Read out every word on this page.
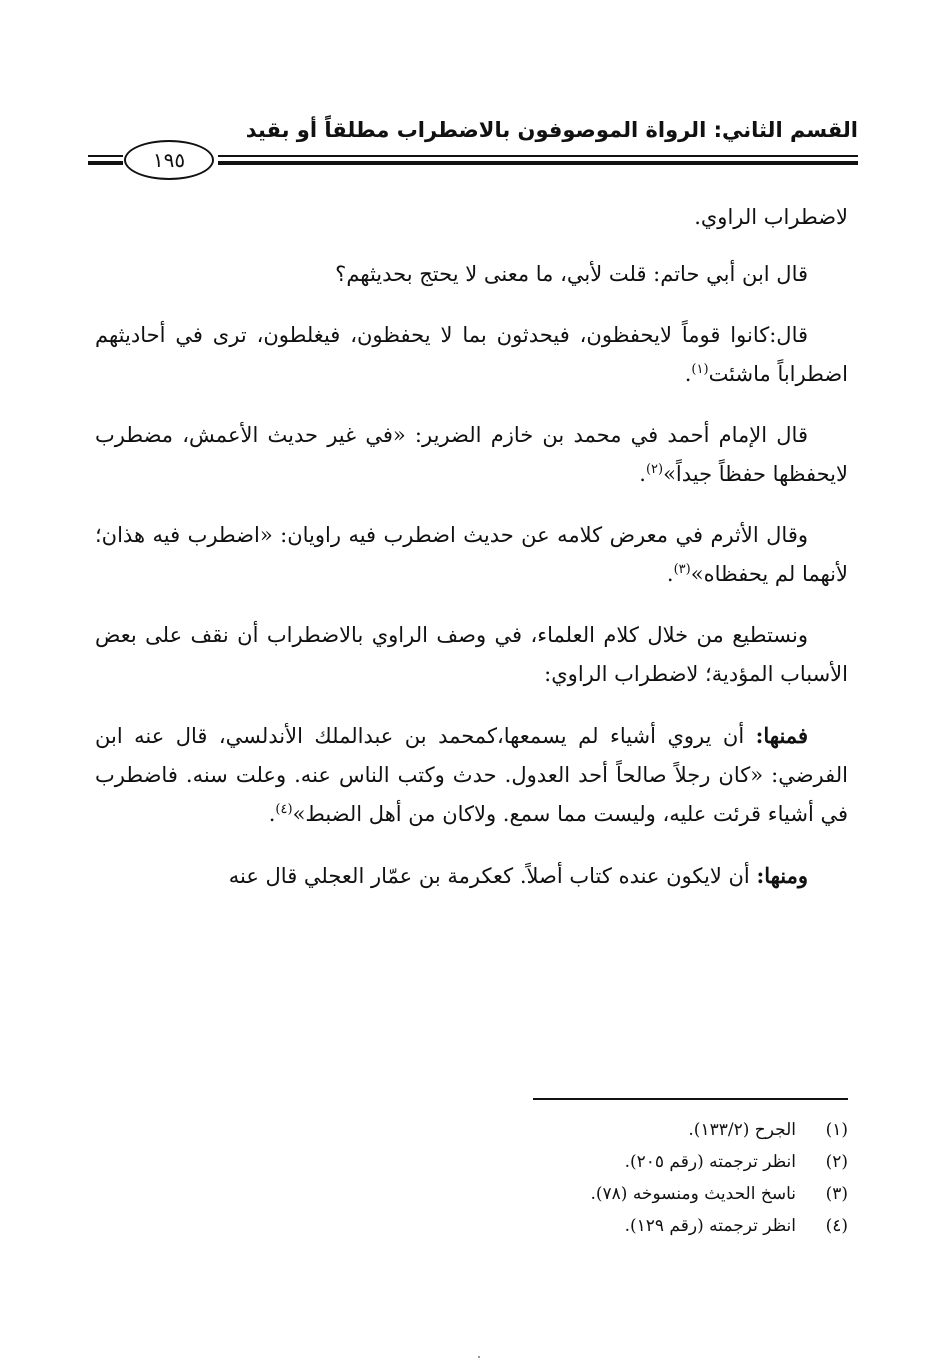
القسم الثاني: الرواة الموصوفون بالاضطراب مطلقاً أو بقيد
١٩٥

لاضطراب الراوي.

قال ابن أبي حاتم: قلت لأبي، ما معنى لا يحتج بحديثهم؟

قال:كانوا قوماً لايحفظون، فيحدثون بما لا يحفظون، فيغلطون، ترى في أحاديثهم اضطراباً ماشئت$^{(١)}$.

قال الإمام أحمد في محمد بن خازم الضرير: «في غير حديث الأعمش، مضطرب لايحفظها حفظاً جيداً»$^{(٢)}$.

وقال الأثرم في معرض كلامه عن حديث اضطرب فيه راويان: «اضطرب فيه هذان؛ لأنهما لم يحفظاه»$^{(٣)}$.

ونستطيع من خلال كلام العلماء، في وصف الراوي بالاضطراب أن نقف على بعض الأسباب المؤدية؛ لاضطراب الراوي:

فمنها: أن يروي أشياء لم يسمعها،كمحمد بن عبدالملك الأندلسي، قال عنه ابن الفرضي: «كان رجلاً صالحاً أحد العدول. حدث وكتب الناس عنه. وعلت سنه. فاضطرب في أشياء قرئت عليه، وليست مما سمع. ولاكان من أهل الضبط»$^{(٤)}$.

ومنها: أن لايكون عنده كتاب أصلاً. كعكرمة بن عمّار العجلي قال عنه

(١)
الجرح (١٣٣/٢).
(٢)
انظر ترجمته (رقم ٢٠٥).
(٣)
ناسخ الحديث ومنسوخه (٧٨).
(٤)
انظر ترجمته (رقم ١٢٩).
